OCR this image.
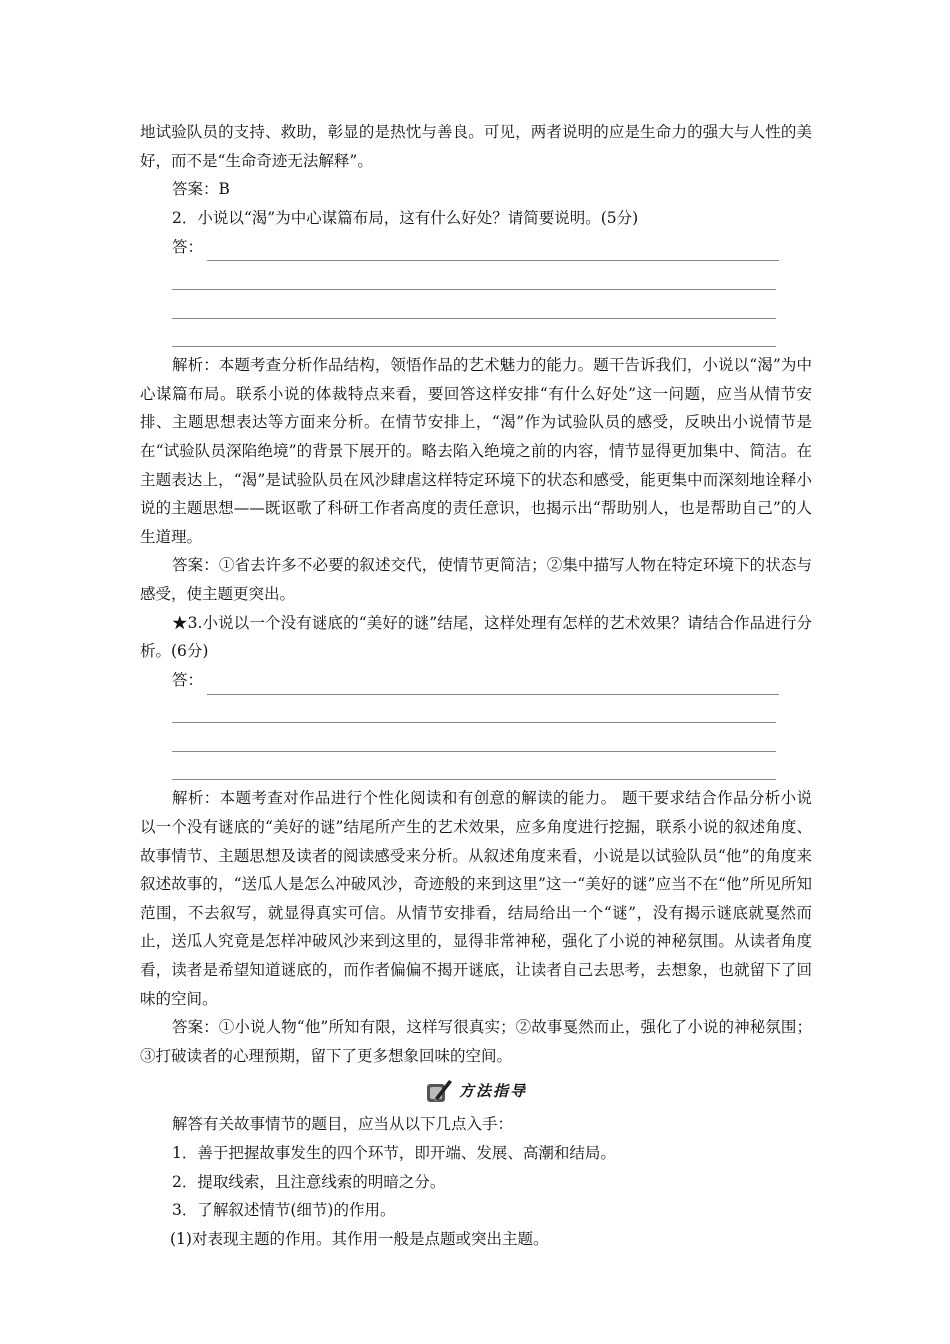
地试验队员的支持、救助，彰显的是热忱与善良。可见，两者说明的应是生命力的强大与人性的美好，而不是“生命奇迹无法解释”。

答案：B

2．小说以“渴”为中心谋篇布局，这有什么好处？请简要说明。(5分)

答：

解析：本题考查分析作品结构，领悟作品的艺术魅力的能力。题干告诉我们，小说以“渴”为中心谋篇布局。联系小说的体裁特点来看，要回答这样安排“有什么好处”这一问题，应当从情节安排、主题思想表达等方面来分析。在情节安排上，“渴”作为试验队员的感受，反映出小说情节是在“试验队员深陷绝境”的背景下展开的。略去陷入绝境之前的内容，情节显得更加集中、简洁。在主题表达上，“渴”是试验队员在风沙肆虐这样特定环境下的状态和感受，能更集中而深刻地诠释小说的主题思想——既讴歌了科研工作者高度的责任意识，也揭示出“帮助别人，也是帮助自己”的人生道理。

答案：①省去许多不必要的叙述交代，使情节更简洁；②集中描写人物在特定环境下的状态与感受，使主题更突出。

★3.小说以一个没有谜底的“美好的谜”结尾，这样处理有怎样的艺术效果？请结合作品进行分析。(6分)

答：

解析：本题考查对作品进行个性化阅读和有创意的解读的能力。 题干要求结合作品分析小说以一个没有谜底的“美好的谜”结尾所产生的艺术效果，应多角度进行挖掘，联系小说的叙述角度、故事情节、主题思想及读者的阅读感受来分析。从叙述角度来看，小说是以试验队员“他”的角度来叙述故事的，“送瓜人是怎么冲破风沙，奇迹般的来到这里”这一“美好的谜”应当不在“他”所见所知范围，不去叙写，就显得真实可信。从情节安排看，结局给出一个“谜”，没有揭示谜底就戛然而止，送瓜人究竟是怎样冲破风沙来到这里的，显得非常神秘，强化了小说的神秘氛围。从读者角度看，读者是希望知道谜底的，而作者偏偏不揭开谜底，让读者自己去思考，去想象，也就留下了回味的空间。

答案：①小说人物“他”所知有限，这样写很真实；②故事戛然而止，强化了小说的神秘氛围；③打破读者的心理预期，留下了更多想象回味的空间。

方法指导

解答有关故事情节的题目，应当从以下几点入手：

1．善于把握故事发生的四个环节，即开端、发展、高潮和结局。

2．提取线索，且注意线索的明暗之分。

3．了解叙述情节(细节)的作用。

(1)对表现主题的作用。其作用一般是点题或突出主题。
